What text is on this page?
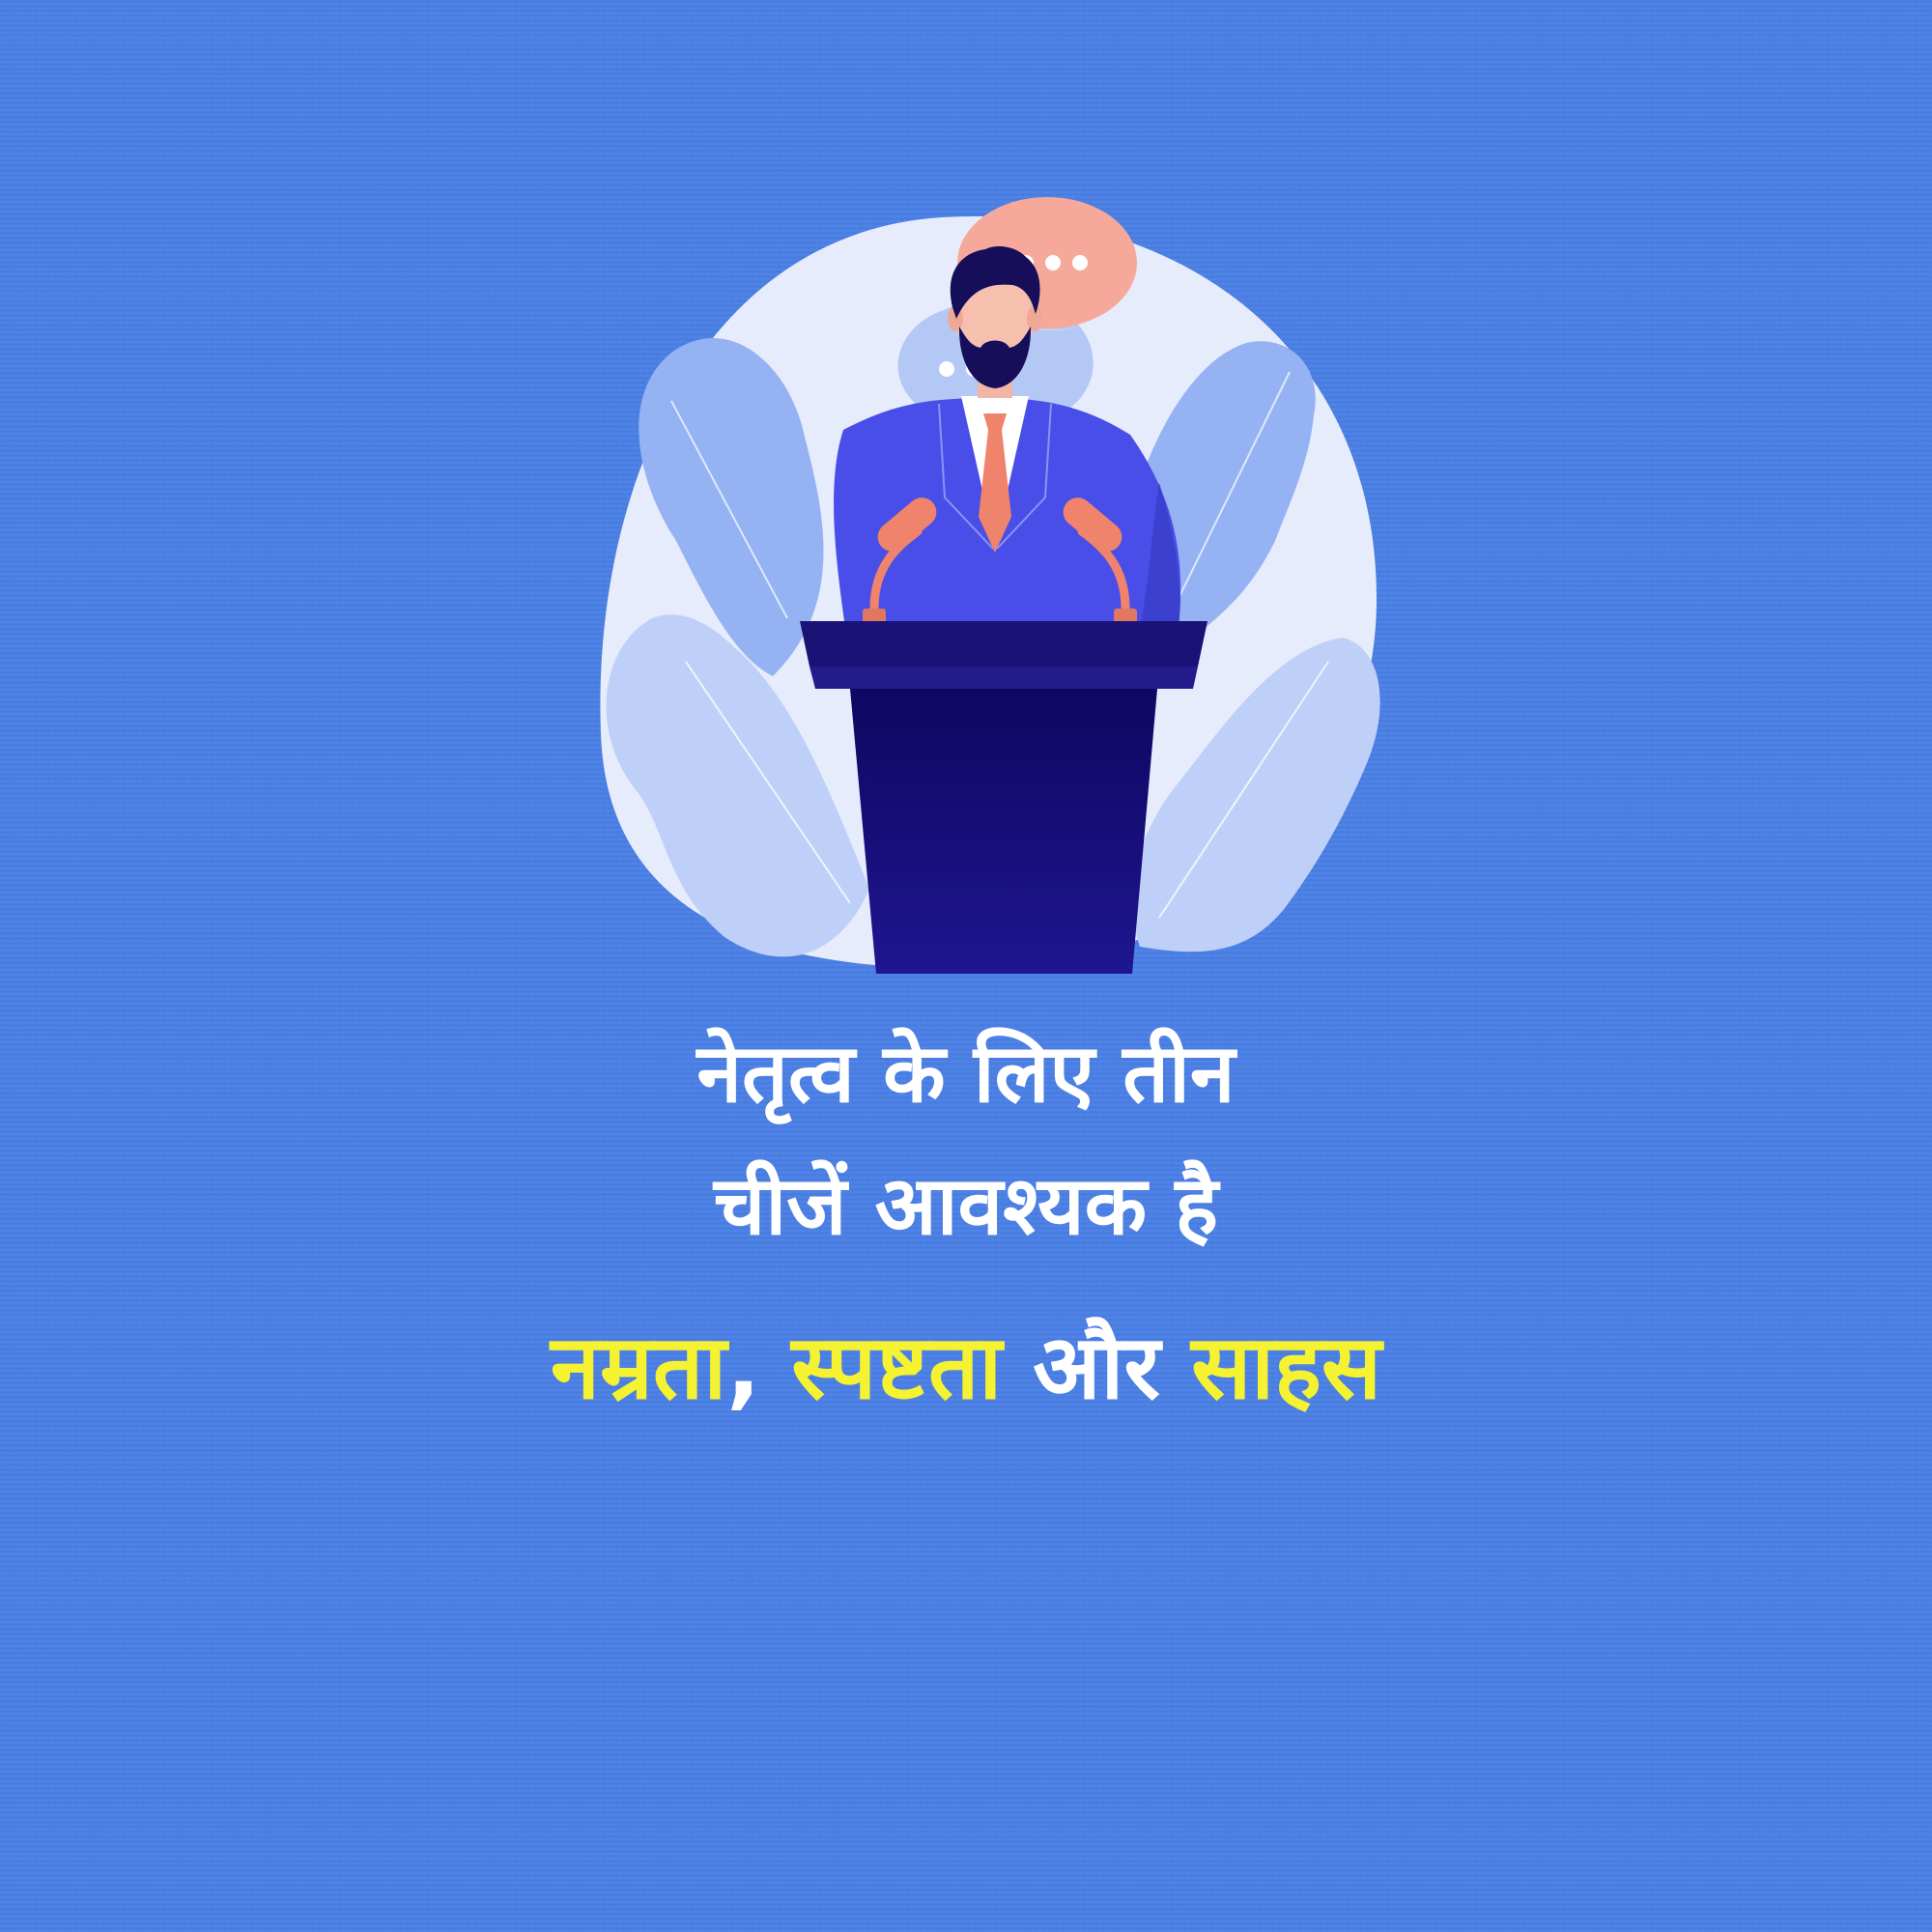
नेतृत्व के लिए तीन
चीजें आवश्यक है
नम्रता, स्पष्टता और साहस
